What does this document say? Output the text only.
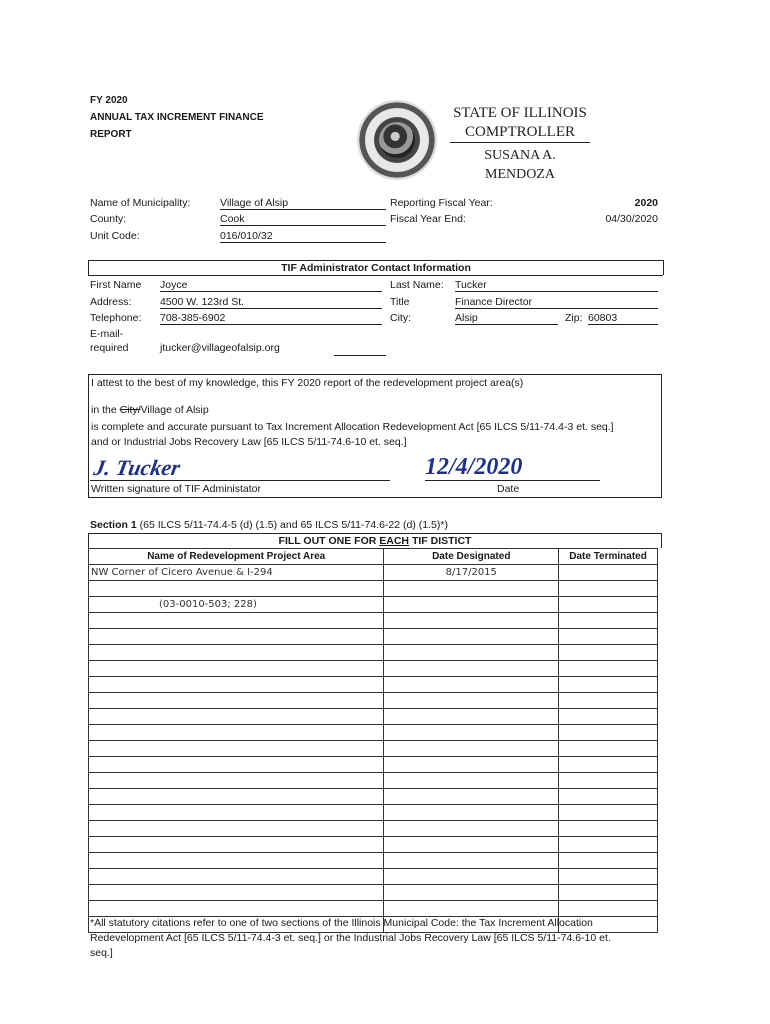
FY 2020
ANNUAL TAX INCREMENT FINANCE
REPORT
STATE OF ILLINOIS
COMPTROLLER
SUSANA A. MENDOZA
Name of Municipality:	Village of Alsip
County:	Cook
Unit Code:	016/010/32
Reporting Fiscal Year:	2020
Fiscal Year End:	04/30/2020
TIF Administrator Contact Information
First Name Joyce	Last Name: Tucker
Address:	4500 W. 123rd St.	Title	Finance Director
Telephone: 708-385-6902	City:	Alsip	Zip: 60803
E-mail-
required	jtucker@villageofalsip.org
I attest to the best of my knowledge, this FY 2020 report of the redevelopment project area(s)
in the City/Village of Alsip
is complete and accurate pursuant to Tax Increment Allocation Redevelopment Act [65 ILCS 5/11-74.4-3 et. seq.]
and or Industrial Jobs Recovery Law [65 ILCS 5/11-74.6-10 et. seq.]
J. Tucker
Written signature of TIF Administator
12/4/2020
Date
Section 1 (65 ILCS 5/11-74.4-5 (d) (1.5) and 65 ILCS 5/11-74.6-22 (d) (1.5)*)
FILL OUT ONE FOR EACH TIF DISTICT
Name of Redevelopment Project Area	Date Designated	Date Terminated
NW Corner of Cicero Avenue & I-294	8/17/2015	

(03-0010-503; 228)		

*All statutory citations refer to one of two sections of the Illinois Municipal Code: the Tax Increment Allocation
Redevelopment Act [65 ILCS 5/11-74.4-3 et. seq.] or the Industrial Jobs Recovery Law [65 ILCS 5/11-74.6-10 et.
seq.]
